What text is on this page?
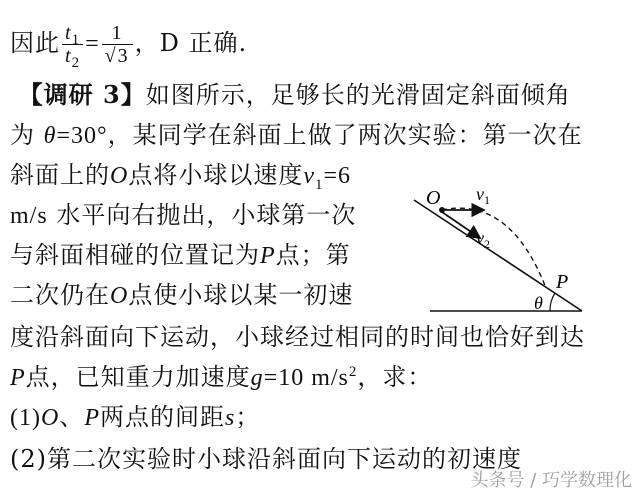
因此 $\frac{t_1}{t_2} = \frac{1}{√3}$ ，D 正确.
【调研 3】如图所示，足够长的光滑固定斜面倾角
为 θ=30°，某同学在斜面上做了两次实验：第一次在
斜面上的O点将小球以速度$v_1=6$
m/s 水平向右抛出，小球第一次
与斜面相碰的位置记为P点；第
二次仍在O点使小球以某一初速
度沿斜面向下运动，小球经过相同的时间也恰好到达
P点，已知重力加速度g=10 $m/s^2$，求：
(1)O、P两点的间距s；
(2)第二次实验时小球沿斜面向下运动的初速度
O $v_1$
$v_2$
P
θ
头条号 / 巧学数理化
